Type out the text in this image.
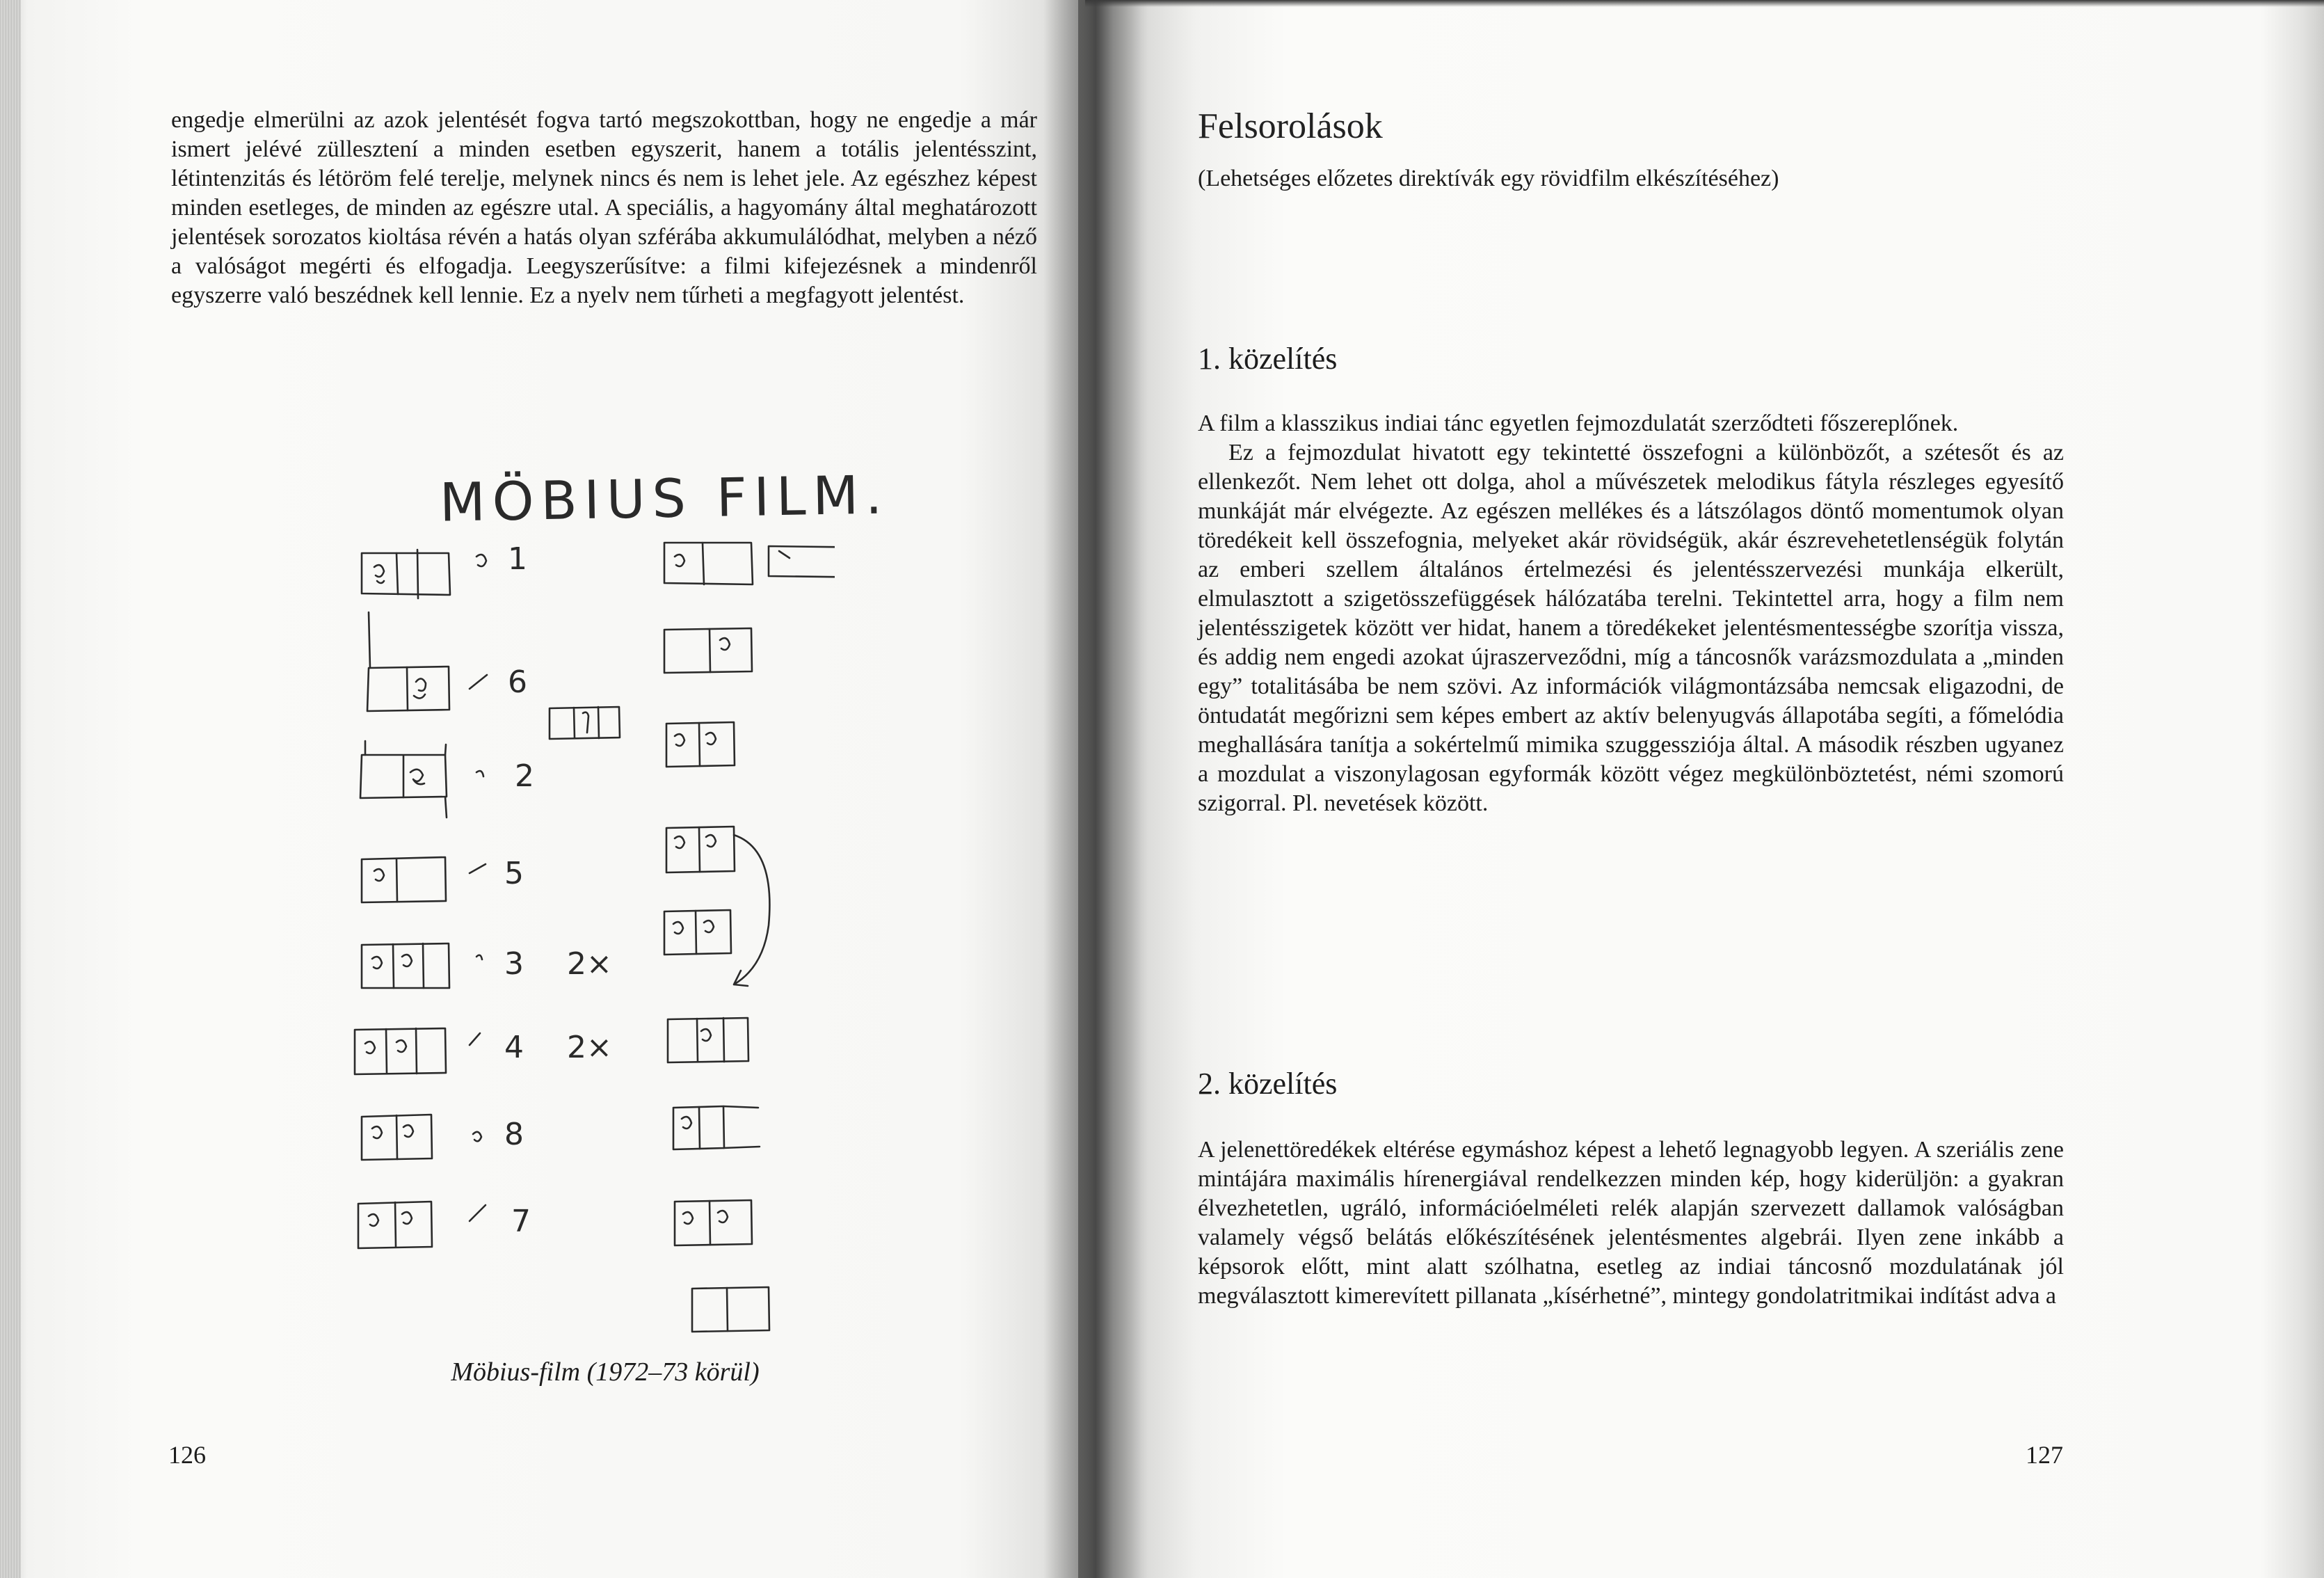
engedje elmerülni az azok jelentését fogva tartó megszokottban, hogy ne engedje a már ismert jelévé züllesztení a minden esetben egyszerit, hanem a totális jelentésszint, létintenzitás és létöröm felé terelje, melynek nincs és nem is lehet jele. Az egészhez képest minden esetleges, de minden az egészre utal. A speciális, a hagyomány által meghatározott jelentések sorozatos kioltása révén a hatás olyan szférába akkumulálódhat, melyben a néző a valóságot megérti és elfogadja. Leegyszerűsítve: a filmi kifejezésnek a mindenről egyszerre való beszédnek kell lennie. Ez a nyelv nem tűrheti a megfagyott jelentést.

MÖBIUS FILM.
1
6
2
5
3 2×
4 2×
8
7
Möbius-film (1972–73 körül)
126
Felsorolások
(Lehetséges előzetes direktívák egy rövidfilm elkészítéséhez)
1. közelítés

A film a klasszikus indiai tánc egyetlen fejmozdulatát szerződteti főszereplőnek.

Ez a fejmozdulat hivatott egy tekintetté összefogni a különbözőt, a szétesőt és az ellenkezőt. Nem lehet ott dolga, ahol a művészetek melodikus fátyla részleges egyesítő munkáját már elvégezte. Az egészen mellékes és a látszólagos döntő momentumok olyan töredékeit kell összefognia, melyeket akár rövidségük, akár észrevehetetlenségük folytán az emberi szellem általános értelmezési és jelentésszervezési munkája elkerült, elmulasztott a szigetösszefüggések hálózatába terelni. Tekintettel arra, hogy a film nem jelentésszigetek között ver hidat, hanem a töredékeket jelentésmentességbe szorítja vissza, és addig nem engedi azokat újraszerveződni, míg a táncosnők varázsmozdulata a „minden egy” totalitásába be nem szövi. Az információk világmontázsába nemcsak eligazodni, de öntudatát megőrizni sem képes embert az aktív belenyugvás állapotába segíti, a főmelódia meghallására tanítja a sokértelmű mimika szuggessziója által. A második részben ugyanez a mozdulat a viszonylagosan egyformák között végez megkülönböztetést, némi szomorú szigorral. Pl. nevetések között.

2. közelítés

A jelenettöredékek eltérése egymáshoz képest a lehető legnagyobb legyen. A szeriális zene mintájára maximális hírenergiával rendelkezzen minden kép, hogy kiderüljön: a gyakran élvezhetetlen, ugráló, információelméleti relék alapján szervezett dallamok valóságban valamely végső belátás előkészítésének jelentésmentes algebrái. Ilyen zene inkább a képsorok előtt, mint alatt szólhatna, esetleg az indiai táncosnő mozdulatának jól megválasztott kimerevített pillanata „kísérhetné”, mintegy gondolatritmikai indítást adva a

127
